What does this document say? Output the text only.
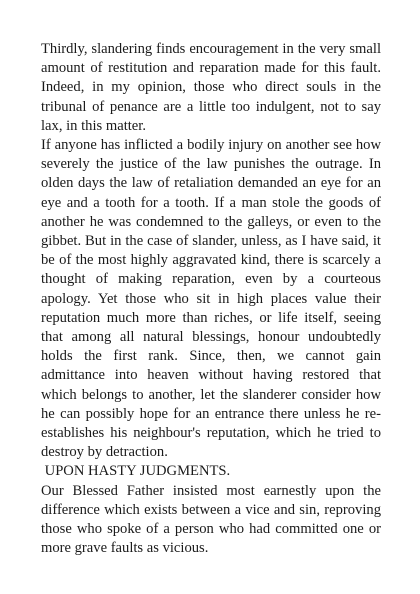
Thirdly, slandering finds encouragement in the very small amount of restitution and reparation made for this fault. Indeed, in my opinion, those who direct souls in the tribunal of penance are a little too indulgent, not to say lax, in this matter.

If anyone has inflicted a bodily injury on another see how severely the justice of the law punishes the outrage. In olden days the law of retaliation demanded an eye for an eye and a tooth for a tooth. If a man stole the goods of another he was condemned to the galleys, or even to the gibbet. But in the case of slander, unless, as I have said, it be of the most highly aggravated kind, there is scarcely a thought of making reparation, even by a courteous apology. Yet those who sit in high places value their reputation much more than riches, or life itself, seeing that among all natural blessings, honour undoubtedly holds the first rank. Since, then, we cannot gain admittance into heaven without having restored that which belongs to another, let the slanderer consider how he can possibly hope for an entrance there unless he re-establishes his neighbour's reputation, which he tried to destroy by detraction.

UPON HASTY JUDGMENTS.

Our Blessed Father insisted most earnestly upon the difference which exists between a vice and sin, reproving those who spoke of a person who had committed one or more grave faults as vicious.
